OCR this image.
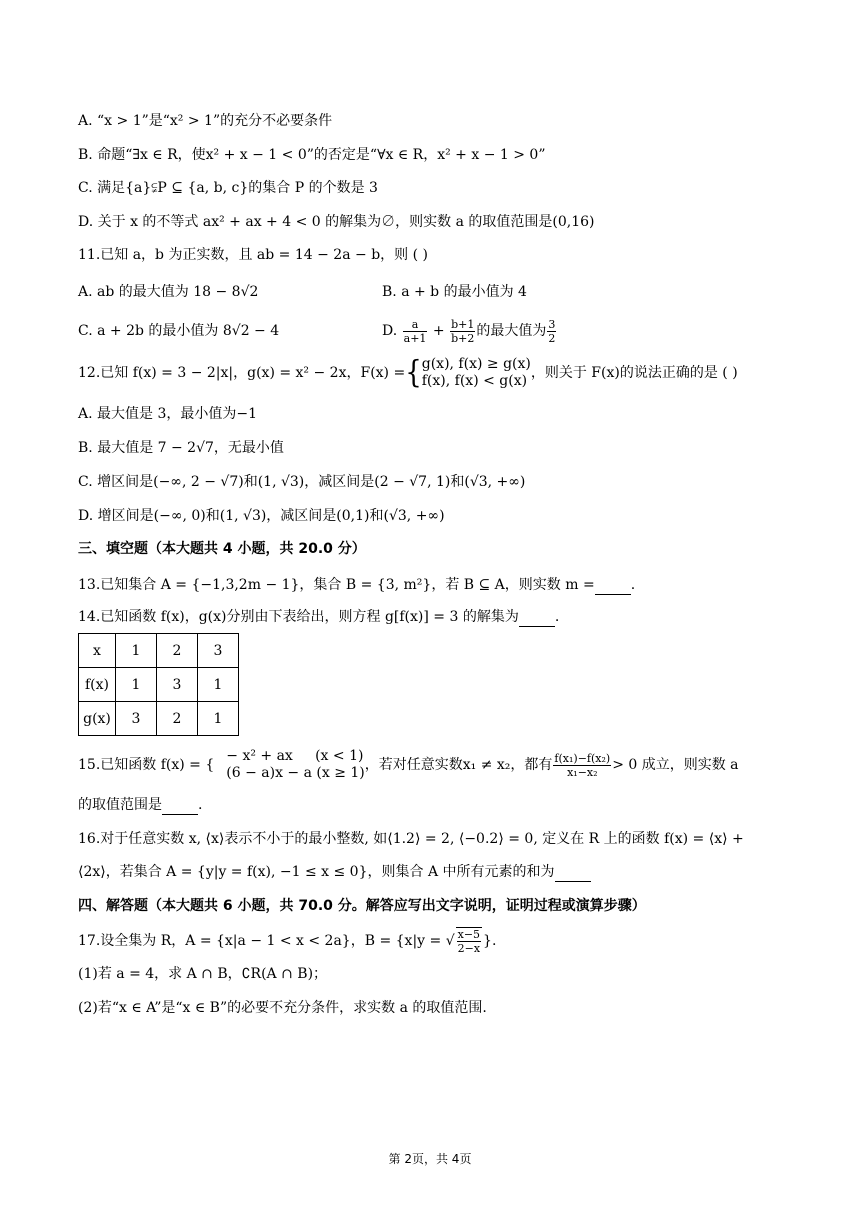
A. “x > 1”是“x² > 1”的充分不必要条件
B. 命题“∃x ∈ R，使x² + x − 1 < 0”的否定是“∀x ∈ R，x² + x − 1 > 0”
C. 满足{a}⫋P ⊆ {a, b, c}的集合 P 的个数是 3
D. 关于 x 的不等式 ax² + ax + 4 < 0 的解集为∅，则实数 a 的取值范围是(0,16)
11.已知 a，b 为正实数，且 ab = 14 − 2a − b，则 ( )
A. ab 的最大值为 18 − 8√2	B. a + b 的最小值为 4
C. a + 2b 的最小值为 8√2 − 4	D. $\frac{a}{a+1} + \frac{b+1}{b+2}$ 的最大值为 $\frac{3}{2}$
12.已知 f(x) = 3 − 2|x|，g(x) = x² − 2x，F(x) ={ g(x), f(x) ≥ g(x)
f(x), f(x) < g(x) ，则关于 F(x)的说法正确的是 ( )
A. 最大值是 3，最小值为−1
B. 最大值是 7 − 2√7，无最小值
C. 增区间是(−∞, 2 − √7)和(1, √3)，减区间是(2 − √7, 1)和(√3, +∞)
D. 增区间是(−∞, 0)和(1, √3)，减区间是(0,1)和(√3, +∞)
三、填空题（本大题共 4 小题，共 20.0 分）
13.已知集合 A = {−1,3,2m − 1}，集合 B = {3, m²}，若 B ⊆ A，则实数 m =	.
14.已知函数 f(x)，g(x)分别由下表给出，则方程 g[f(x)] = 3 的解集为	.
x	1	2	3
f(x)	1	3	1
g(x)	3	2	1
15.已知函数 f(x) = {
− x² + ax     (x < 1)
(6 − a)x − a (x ≥ 1) ，若对任意实数x₁ ≠ x₂，都有 $\frac{\text{f(x₁)−f(x₂)}}{\text{x₁−x₂}} > 0$ 成立，则实数 a
的取值范围是	.
16.对于任意实数 x, ⟨x⟩表示不小于的最小整数, 如⟨1.2⟩ = 2, ⟨−0.2⟩ = 0, 定义在 R 上的函数 f(x) = ⟨x⟩ +
⟨2x⟩，若集合 A = {y|y = f(x), −1 ≤ x ≤ 0}，则集合 A 中所有元素的和为
四、解答题（本大题共 6 小题，共 70.0 分。解答应写出文字说明，证明过程或演算步骤）
17.设全集为 R，A = {x|a − 1 < x < 2a}，B = {x|y = √ $\frac{x-5}{2-x}$ }.
(1)若 a = 4，求 A ∩ B，∁R(A ∩ B)；
(2)若“x ∈ A”是“x ∈ B”的必要不充分条件，求实数 a 的取值范围.
第 2页，共 4页
